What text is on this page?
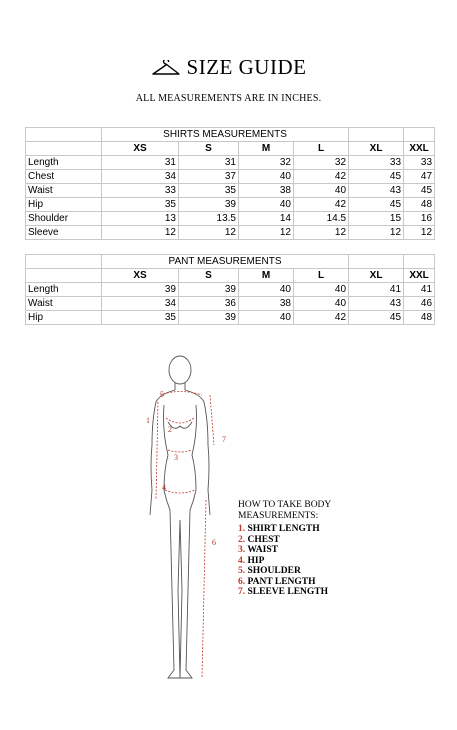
SIZE GUIDE
ALL MEASUREMENTS ARE IN INCHES.
	SHIRTS MEASUREMENTS					
	XS	S	M	L	XL	XXL
Length	31	31	32	32	33	33
Chest	34	37	40	42	45	47
Waist	33	35	38	40	43	45
Hip	35	39	40	42	45	48
Shoulder	13	13.5	14	14.5	15	16
Sleeve	12	12	12	12	12	12
	PANT MEASUREMENTS					
	XS	S	M	L	XL	XXL
Length	39	39	40	40	41	41
Waist	34	36	38	40	43	46
Hip	35	39	40	42	45	48
1
2
3
4
5
6
7
HOW TO TAKE BODY
MEASUREMENTS:
1. SHIRT LENGTH
2. CHEST
3. WAIST
4. HIP
5. SHOULDER
6. PANT LENGTH
7. SLEEVE LENGTH
